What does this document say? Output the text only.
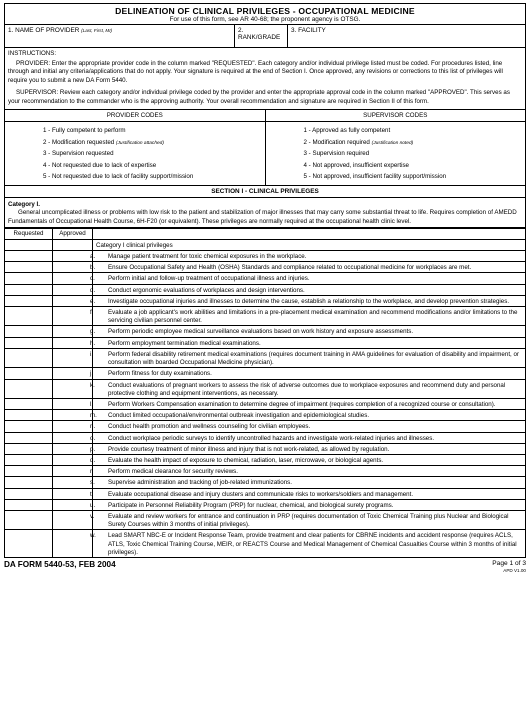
DELINEATION OF CLINICAL PRIVILEGES - OCCUPATIONAL MEDICINE
For use of this form, see AR 40-68; the proponent agency is OTSG.
1. NAME OF PROVIDER (Last, First, MI)	2. RANK/GRADE
3. FACILITY

INSTRUCTIONS:

PROVIDER: Enter the appropriate provider code in the column marked "REQUESTED". Each category and/or individual privilege listed must be coded. For procedures listed, line through and initial any criteria/applications that do not apply. Your signature is required at the end of Section I. Once approved, any revisions or corrections to this list of privileges will require you to submit a new DA Form 5440.

SUPERVISOR: Review each category and/or individual privilege coded by the provider and enter the appropriate approval code in the column marked "APPROVED". This serves as your recommendation to the commander who is the approving authority. Your overall recommendation and signature are required in Section II of this form.

PROVIDER CODES
1 - Fully competent to perform
2 - Modification requested (Justification attached)
3 - Supervision requested
4 - Not requested due to lack of expertise
5 - Not requested due to lack of facility support/mission
SUPERVISOR CODES
1 - Approved as fully competent
2 - Modification required (Justification noted)
3 - Supervision required
4 - Not approved, insufficient expertise
5 - Not approved, insufficient facility support/mission
SECTION I - CLINICAL PRIVILEGES
Category I.
General uncomplicated illness or problems with low risk to the patient and stabilization of major illnesses that may carry some substantial threat to life. Requires completion of AMEDD Fundamentals of Occupational Health Course, 6H-F20 (or equivalent). These privileges are normally required at the occupational health clinic level.
Requested	Approved	

		Category I clinical privileges

		a. Manage patient treatment for toxic chemical exposures in the workplace.

		b. Ensure Occupational Safety and Health (OSHA) Standards and compliance related to occupational medicine for workplaces are met.

		c. Perform initial and follow-up treatment of occupational illness and injuries.

		d. Conduct ergonomic evaluations of workplaces and design interventions.

		e. Investigate occupational injuries and illnesses to determine the cause, establish a relationship to the workplace, and develop prevention strategies.

		f. Evaluate a job applicant's work abilities and limitations in a pre-placement medical examination and recommend modifications and/or limitations to the servicing civilian personnel center.

		g. Perform periodic employee medical surveillance evaluations based on work history and exposure assessments.

		h. Perform employment termination medical examinations.

		i. Perform federal disability retirement medical examinations (requires document training in AMA guidelines for evaluation of disability and impairment, or consultation with boarded Occupational Medicine physician).

		j. Perform fitness for duty examinations.

		k. Conduct evaluations of pregnant workers to assess the risk of adverse outcomes due to workplace exposures and recommend duty and personal protective clothing and equipment interventions, as necessary.

		l. Perform Workers Compensation examination to determine degree of impairment (requires completion of a recognized course or consultation).

		m. Conduct limited occupational/environmental outbreak investigation and epidemiological studies.

		n. Conduct health promotion and wellness counseling for civilian employees.

		o. Conduct workplace periodic surveys to identify uncontrolled hazards and investigate work-related injuries and illnesses.

		p. Provide courtesy treatment of minor illness and injury that is not work-related, as allowed by regulation.

		q. Evaluate the health impact of exposure to chemical, radiation, laser, microwave, or biological agents.

		r. Perform medical clearance for security reviews.

		s. Supervise administration and tracking of job-related immunizations.

		t. Evaluate occupational disease and injury clusters and communicate risks to workers/soldiers and management.

		u. Participate in Personnel Reliability Program (PRP) for nuclear, chemical, and biological surety programs.

		v. Evaluate and review workers for entrance and continuation in PRP (requires documentation of Toxic Chemical Training plus Nuclear and Biological Surety Courses within 3 months of initial privileges).

		w. Lead SMART NBC-E or Incident Response Team, provide treatment and clear patients for CBRNE incidents and accident response (requires ACLS, ATLS, Toxic Chemical Training Course, MEIR, or REACTS Course and Medical Management of Chemical Casualties Course within 3 months of initial privileges).
DA FORM 5440-53, FEB 2004	Page 1 of 3
APD V1.00
